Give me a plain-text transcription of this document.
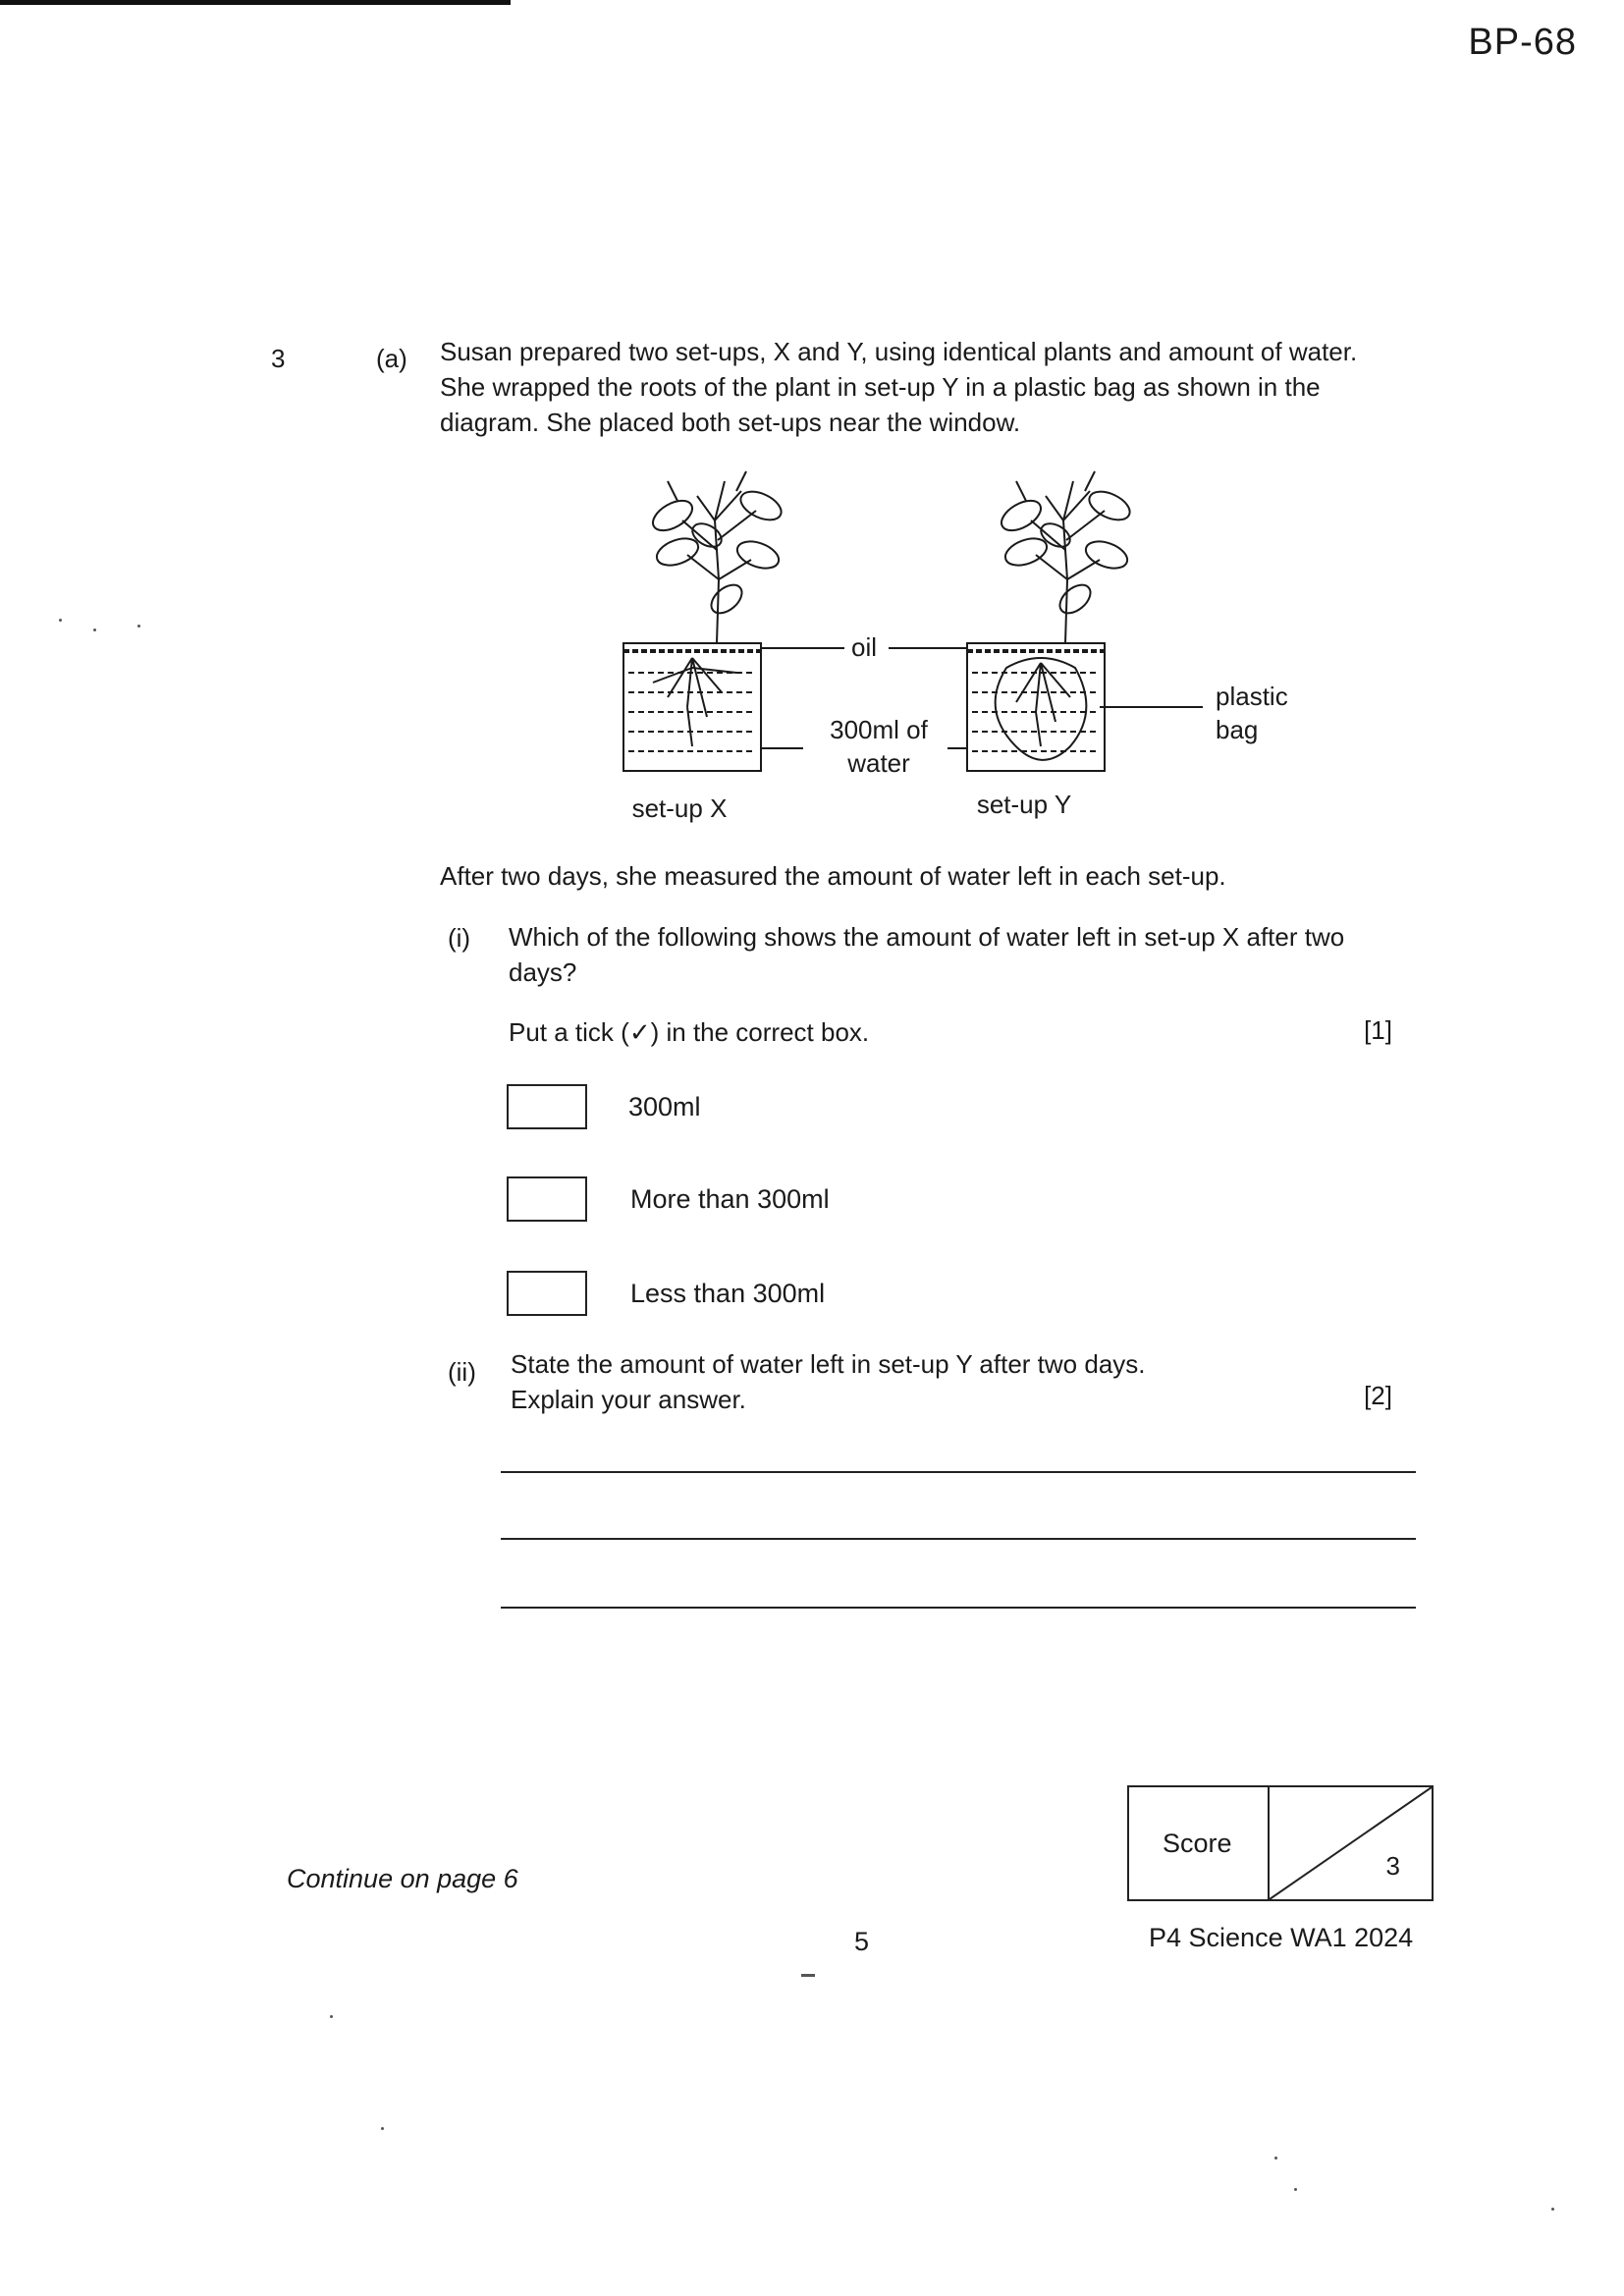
BP-68
3	(a) Susan prepared two set-ups, X and Y, using identical plants and amount of water. She wrapped the roots of the plant in set-up Y in a plastic bag as shown in the diagram. She placed both set-ups near the window.
oil
300ml of
water
plastic
bag
set-up X	set-up Y
After two days, she measured the amount of water left in each set-up.
(i) Which of the following shows the amount of water left in set-up X after two days?
Put a tick (✓) in the correct box.	[1]
300ml
More than 300ml
Less than 300ml
(ii) State the amount of water left in set-up Y after two days.
Explain your answer.	[2]
Score
3
Continue on page 6
5	P4 Science WA1 2024
